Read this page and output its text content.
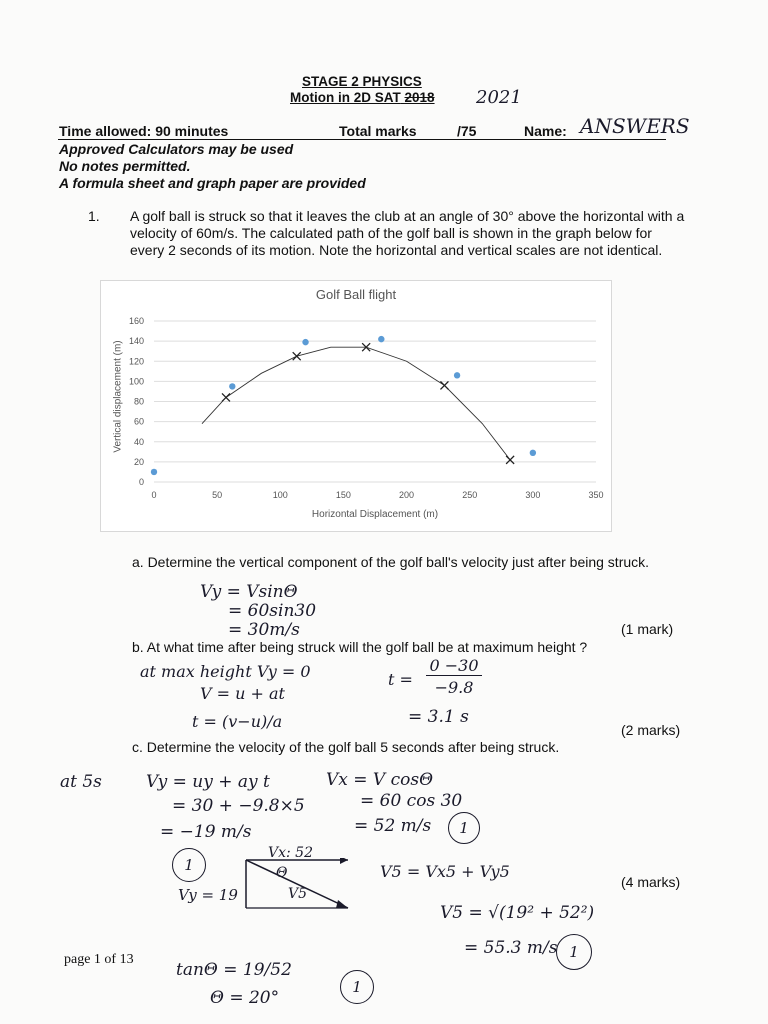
STAGE 2 PHYSICS
Motion in 2D SAT 2018 2021
Time allowed: 90 minutes	Total marks	/75	Name: ANSWERS
Approved Calculators may be used
No notes permitted.
A formula sheet and graph paper are provided
1. A golf ball is struck so that it leaves the club at an angle of 30° above the horizontal with a velocity of 60m/s. The calculated path of the golf ball is shown in the graph below for every 2 seconds of its motion. Note the horizontal and vertical scales are not identical.
0
20
40
60
80
100
120
140
160
0	50	100	150	200	250	300	350
Golf Ball flight
Horizontal Displacement (m)
Vertical displacement (m)
a. Determine the vertical component of the golf ball's velocity just after being struck.
Vy = VsinΘ
= 60sin30
= 30m/s	(1 mark)
b. At what time after being struck will the golf ball be at maximum height ?
at max height Vy = 0
V = u + at
t = (v−u)/a
t =
0 −30
−9.8
= 3.1 s
(2 marks)
c. Determine the velocity of the golf ball 5 seconds after being struck.
at 5s	Vy = uy + ay t
= 30 + −9.8×5
= −19 m/s
Vx = V cosΘ
= 60 cos 30
= 52 m/s	1
1
Vy = 19
Vx: 52
Θ
V5
V5 = Vx5 + Vy5
(4 marks)
V5 = √(19² + 52²)
= 55.3 m/s 1
tanΘ = 19/52
Θ = 20°
1
page 1 of 13
